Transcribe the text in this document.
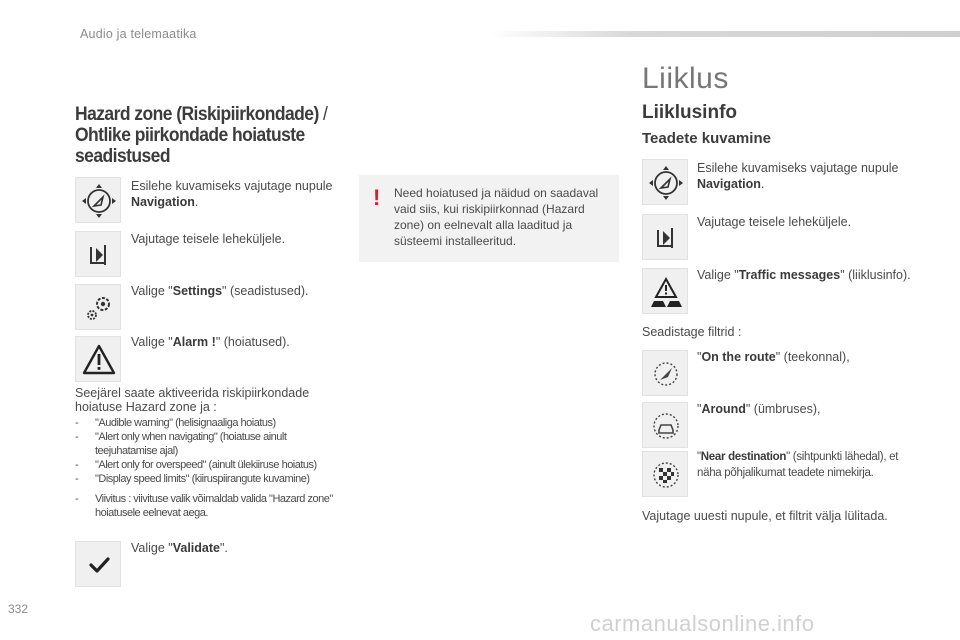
Audio ja telemaatika
Hazard zone (Riskipiirkondade) /
Ohtlike piirkondade hoiatuste seadistused
Esilehe kuvamiseks vajutage nupule Navigation.
Vajutage teisele leheküljele.
Valige "Settings" (seadistused).
Valige "Alarm !" (hoiatused).
Seejärel saate aktiveerida riskipiirkondade hoiatuse Hazard zone ja :
- "Audible warning" (helisignaaliga hoiatus)
- "Alert only when navigating" (hoiatuse ainult teejuhatamise ajal)
- "Alert only for overspeed" (ainult ülekiiruse hoiatus)
- "Display speed limits" (kiiruspiirangute kuvamine)
- Viivitus : viivituse valik võimaldab valida "Hazard zone" hoiatusele eelnevat aega.
Valige "Validate".
! Need hoiatused ja näidud on saadaval vaid siis, kui riskipiirkonnad (Hazard zone) on eelnevalt alla laaditud ja süsteemi installeeritud.
Liiklus
Liiklusinfo
Teadete kuvamine
Esilehe kuvamiseks vajutage nupule Navigation.
Vajutage teisele leheküljele.
Valige "Traffic messages" (liiklusinfo).
Seadistage filtrid :
"On the route" (teekonnal),
"Around" (ümbruses),
"Near destination" (sihtpunkti lähedal), et näha põhjalikumat teadete nimekirja.
Vajutage uuesti nupule, et filtrit välja lülitada.
332
carmanualsonline.info
